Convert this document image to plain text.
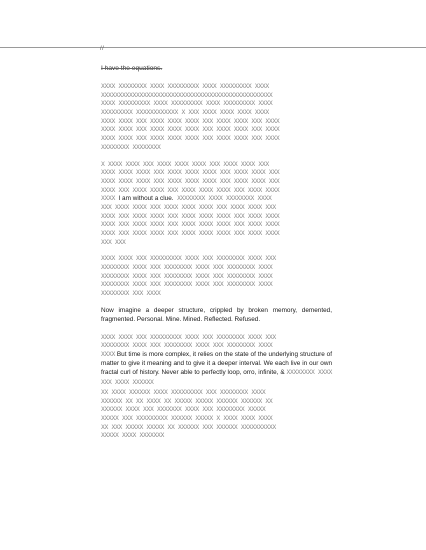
//
I have the equations.
XXXX XXXXXXXX XXXX XXXXXXXXX XXXX XXXXXXXXX XXXX
XXXXXXXXXXXXXXXXXXXXXXXXXXXXXXXXXXXXXXXXXXXXXXXXX
XXXX XXXXXXXXX XXXX XXXXXXXXX XXXX XXXXXXXXX XXXX
XXXXXXXXX XXXXXXXXXXXX X XXX XXXX XXXX XXXX XXXX
XXXX XXXX XXX XXXX XXXX XXXX XXX XXXX XXXX XXX XXXX
XXXX XXXX XXX XXXX XXXX XXXX XXX XXXX XXXX XXX XXXX
XXXX XXXX XXX XXXX XXXX XXXX XXX XXXX XXXX XXX XXXX
XXXXXXXX XXXXXXXX
X XXXX XXXX XXX XXXX XXXX XXXX XXX XXXX XXXX XXX
XXXX XXXX XXXX XXX XXXX XXXX XXXX XXX XXXX XXXX XXX
XXXX XXXX XXXX XXX XXXX XXXX XXXX XXX XXXX XXXX XXX
XXXX XXX XXXX XXXX XXX XXXX XXXX XXXX XXX XXXX XXXX
XXXX I am without a clue. XXXXXXXX XXXX XXXXXXXX XXXX
XXX XXXX XXXX XXX XXXX XXXX XXXX XXX XXXX XXXX XXX
XXXX XXX XXXX XXXX XXX XXXX XXXX XXXX XXX XXXX XXXX
XXXX XXX XXXX XXXX XXX XXXX XXXX XXXX XXX XXXX XXXX
XXXX XXX XXXX XXXX XXX XXXX XXXX XXXX XXX XXXX XXXX
XXX XXX
XXXX XXXX XXX XXXXXXXXX XXXX XXX XXXXXXXX XXXX XXX
XXXXXXXX XXXX XXX XXXXXXXX XXXX XXX XXXXXXXX XXXX
XXXXXXXX XXXX XXX XXXXXXXX XXXX XXX XXXXXXXX XXXX
XXXXXXXX XXXX XXX XXXXXXXX XXXX XXX XXXXXXXX XXXX
XXXXXXXX XXX XXXX

Now imagine a deeper structure, crippled by broken memory, demented, fragmented. Personal. Mine. Mined. Reflected. Refused.

XXXX XXXX XXX XXXXXXXXX XXXX XXX XXXXXXXX XXXX XXX
XXXXXXXX XXXX XXX XXXXXXXX XXXX XXX XXXXXXXX XXXX
XXXX But time is more complex, it relies on the state of the underlying structure of matter to give it meaning and to give it a deeper interval. We each live in our own fractal curl of history. Never able to perfectly loop, orro, infinite, & XXXXXXXX XXXX XXX XXXX XXXXXX
XX XXXX XXXXXX XXXX XXXXXXXXX XXX XXXXXXXX XXXX
XXXXXX XX XX XXXX XX XXXXX XXXXX XXXXXX XXXXXX XX
XXXXXX XXXX XXX XXXXXXX XXXX XXX XXXXXXXX XXXXX
XXXXX XXX XXXXXXXXX XXXXXX XXXXX X XXXX XXXX XXXX
XX XXX XXXXX XXXXX XX XXXXXX XXX XXXXXX XXXXXXXXXX
XXXXX XXXX XXXXXXX
